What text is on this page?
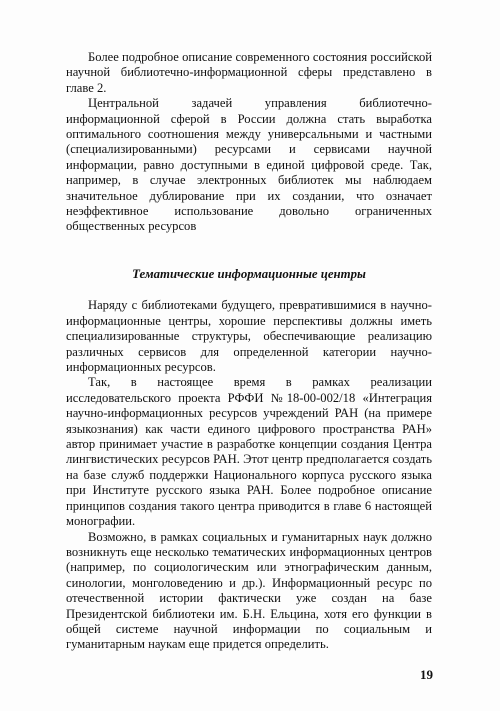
Более подробное описание современного состояния российской научной библиотечно-информационной сферы представлено в главе 2.

Центральной задачей управления библиотечно-информационной сферой в России должна стать выработка оптимального соотношения между универсальными и частными (специализированными) ресурсами и сервисами научной информации, равно доступными в единой цифровой среде. Так, например, в случае электронных библиотек мы наблюдаем значительное дублирование при их создании, что означает неэффективное использование довольно ограниченных общественных ресурсов

Тематические информационные центры

Наряду с библиотеками будущего, превратившимися в научно-информационные центры, хорошие перспективы должны иметь специализированные структуры, обеспечивающие реализацию различных сервисов для определенной категории научно-информационных ресурсов.

Так, в настоящее время в рамках реализации исследовательского проекта РФФИ №18-00-002/18 «Интеграция научно-информационных ресурсов учреждений РАН (на примере языкознания) как части единого цифрового пространства РАН» автор принимает участие в разработке концепции создания Центра лингвистических ресурсов РАН. Этот центр предполагается создать на базе служб поддержки Национального корпуса русского языка при Институте русского языка РАН. Более подробное описание принципов создания такого центра приводится в главе 6 настоящей монографии.

Возможно, в рамках социальных и гуманитарных наук должно возникнуть еще несколько тематических информационных центров (например, по социологическим или этнографическим данным, синологии, монголоведению и др.). Информационный ресурс по отечественной истории фактически уже создан на базе Президентской библиотеки им. Б.Н. Ельцина, хотя его функции в общей системе научной информации по социальным и гуманитарным наукам еще придется определить.

19
